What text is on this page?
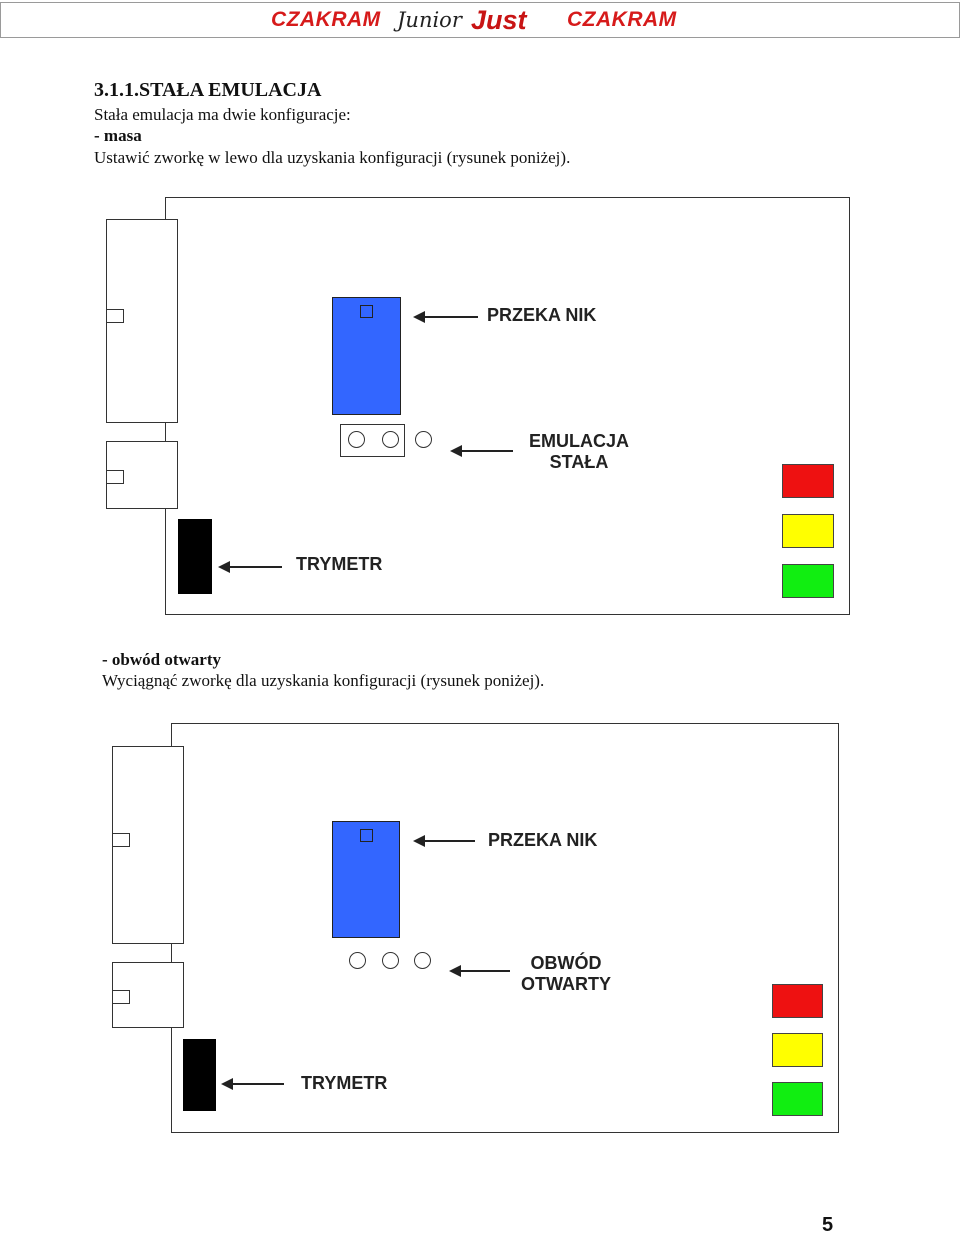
CZAKRAM Junior Just CZAKRAM
3.1.1.STAŁA EMULACJA
Stała emulacja ma dwie konfiguracje:
- masa
Ustawić zworkę w lewo dla uzyskania konfiguracji (rysunek poniżej).
PRZEKA NIK
EMULACJA
STAŁA
TRYMETR
- obwód otwarty
Wyciągnąć zworkę dla uzyskania konfiguracji (rysunek poniżej).
PRZEKA NIK
OBWÓD
OTWARTY
TRYMETR
5
